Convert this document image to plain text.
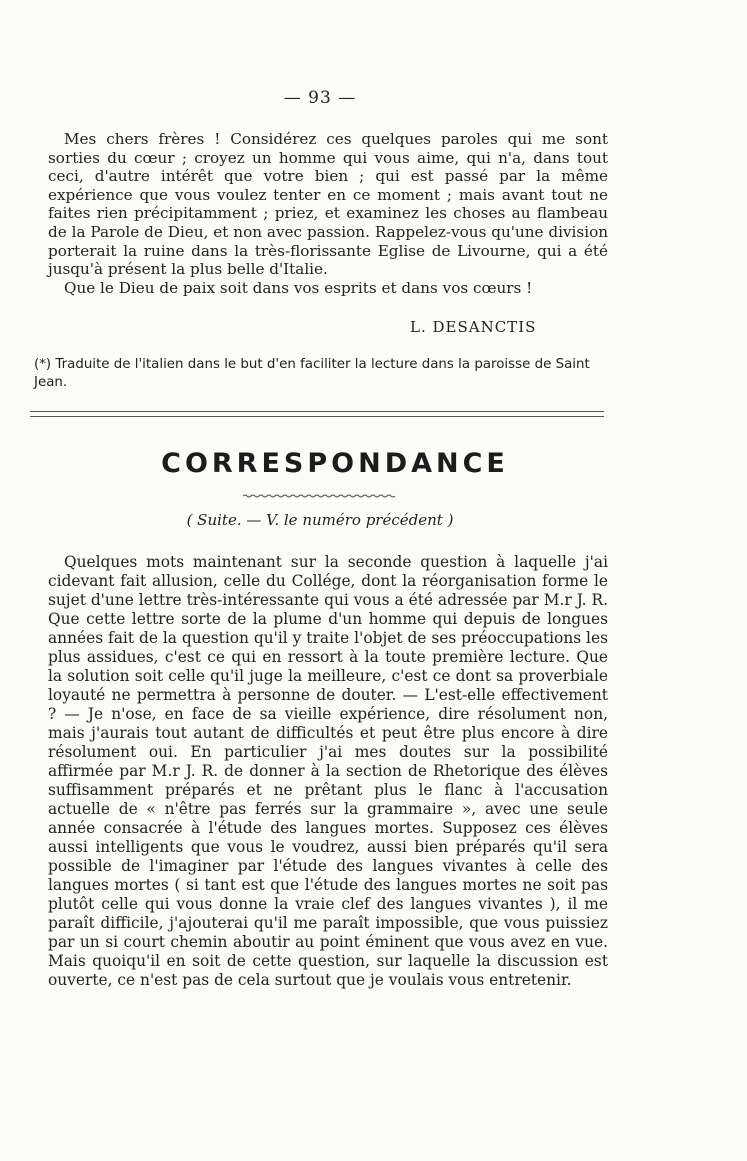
— 93 —

Mes chers frères ! Considérez ces quelques paroles qui me sont sorties du cœur ; croyez un homme qui vous aime, qui n'a, dans tout ceci, d'autre intérêt que votre bien ; qui est passé par la même expérience que vous voulez tenter en ce moment ; mais avant tout ne faites rien précipitamment ; priez, et examinez les choses au flambeau de la Parole de Dieu, et non avec passion. Rappelez-vous qu'une division porterait la ruine dans la très-florissante Eglise de Livourne, qui a été jusqu'à présent la plus belle d'Italie.

Que le Dieu de paix soit dans vos esprits et dans vos cœurs !

L. DESANCTIS
(*) Traduite de l'italien dans le but d'en faciliter la lecture dans la paroisse de Saint Jean.
CORRESPONDANCE
( Suite. — V. le numéro précédent )

Quelques mots maintenant sur la seconde question à laquelle j'ai cidevant fait allusion, celle du Collége, dont la réorganisation forme le sujet d'une lettre très-intéressante qui vous a été adressée par M.r J. R. Que cette lettre sorte de la plume d'un homme qui depuis de longues années fait de la question qu'il y traite l'objet de ses préoccupations les plus assidues, c'est ce qui en ressort à la toute première lecture. Que la solution soit celle qu'il juge la meilleure, c'est ce dont sa proverbiale loyauté ne permettra à personne de douter. — L'est-elle effectivement ? — Je n'ose, en face de sa vieille expérience, dire résolument non, mais j'aurais tout autant de difficultés et peut être plus encore à dire résolument oui. En particulier j'ai mes doutes sur la possibilité affirmée par M.r J. R. de donner à la section de Rhetorique des élèves suffisamment préparés et ne prêtant plus le flanc à l'accusation actuelle de « n'être pas ferrés sur la grammaire », avec une seule année consacrée à l'étude des langues mortes. Supposez ces élèves aussi intelligents que vous le voudrez, aussi bien préparés qu'il sera possible de l'imaginer par l'étude des langues vivantes à celle des langues mortes ( si tant est que l'étude des langues mortes ne soit pas plutôt celle qui vous donne la vraie clef des langues vivantes ), il me paraît difficile, j'ajouterai qu'il me paraît impossible, que vous puissiez par un si court chemin aboutir au point éminent que vous avez en vue. Mais quoiqu'il en soit de cette question, sur laquelle la discussion est ouverte, ce n'est pas de cela surtout que je voulais vous entretenir.
